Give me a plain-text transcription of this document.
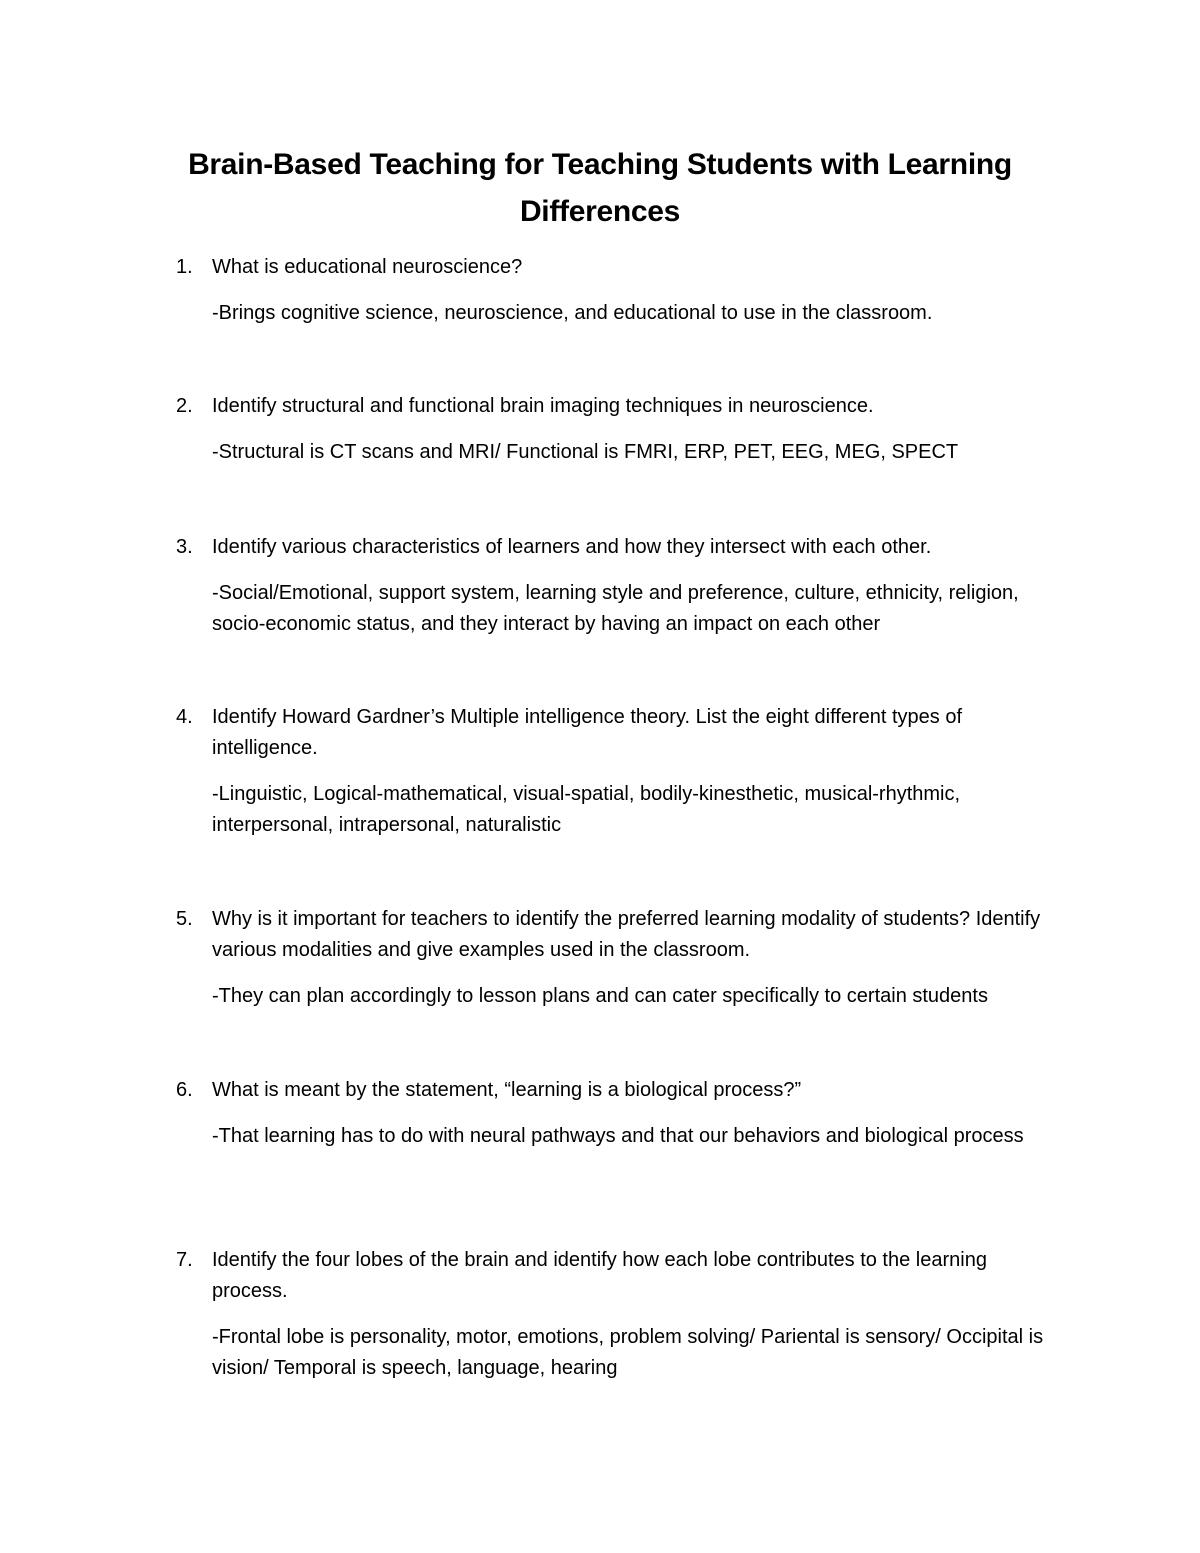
Brain-Based Teaching for Teaching Students with Learning Differences
1. What is educational neuroscience?
-Brings cognitive science, neuroscience, and educational to use in the classroom.
2. Identify structural and functional brain imaging techniques in neuroscience.
-Structural is CT scans and MRI/ Functional is FMRI, ERP, PET, EEG, MEG, SPECT
3. Identify various characteristics of learners and how they intersect with each other.
-Social/Emotional, support system, learning style and preference, culture, ethnicity, religion, socio-economic status, and they interact by having an impact on each other
4. Identify Howard Gardner’s Multiple intelligence theory. List the eight different types of intelligence.
-Linguistic, Logical-mathematical, visual-spatial, bodily-kinesthetic, musical-rhythmic, interpersonal, intrapersonal, naturalistic
5. Why is it important for teachers to identify the preferred learning modality of students? Identify various modalities and give examples used in the classroom.
-They can plan accordingly to lesson plans and can cater specifically to certain students
6. What is meant by the statement, “learning is a biological process?”
-That learning has to do with neural pathways and that our behaviors and biological process
7. Identify the four lobes of the brain and identify how each lobe contributes to the learning process.
-Frontal lobe is personality, motor, emotions, problem solving/ Pariental is sensory/ Occipital is vision/ Temporal is speech, language, hearing
